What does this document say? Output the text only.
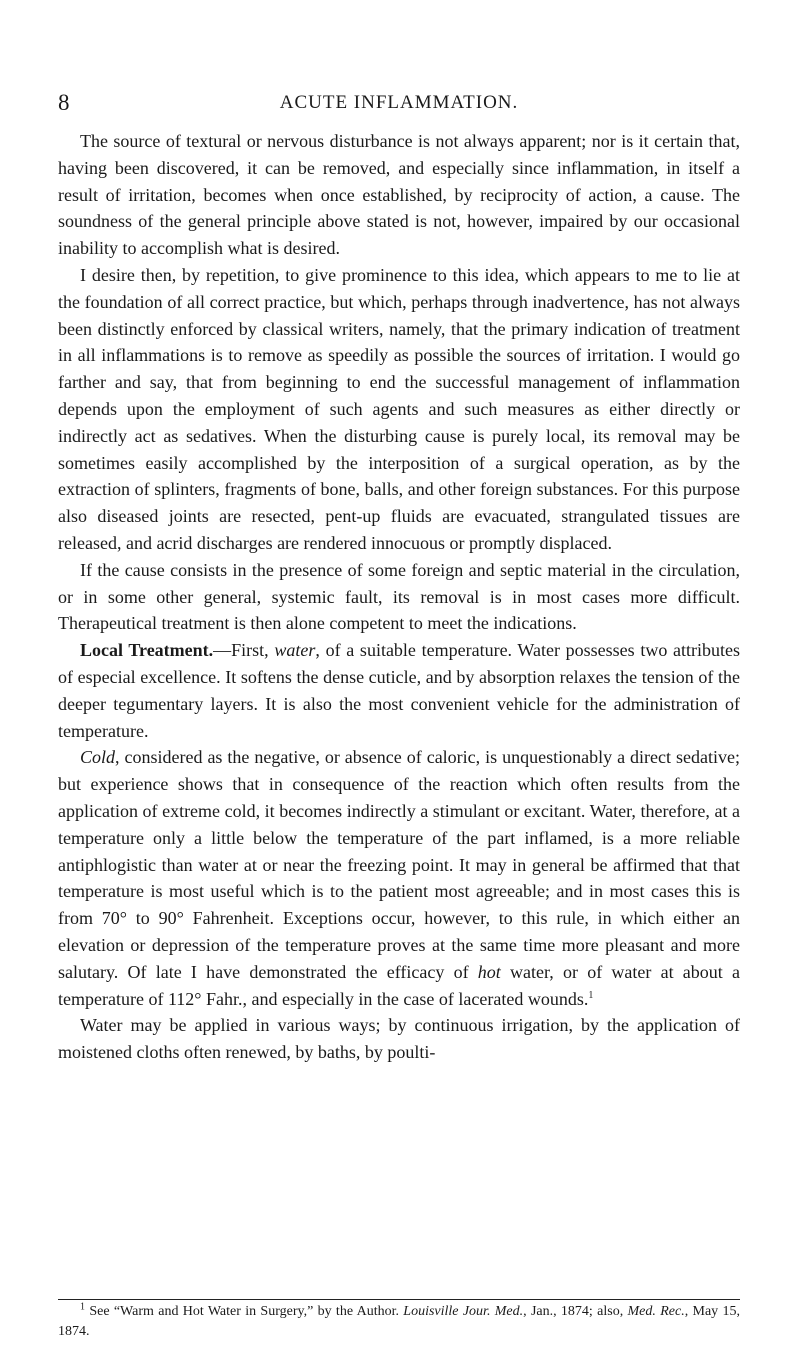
8	ACUTE INFLAMMATION.

The source of textural or nervous disturbance is not always apparent; nor is it certain that, having been discovered, it can be removed, and especially since inflammation, in itself a result of irritation, becomes when once established, by reciprocity of action, a cause. The soundness of the general principle above stated is not, however, impaired by our occasional inability to accomplish what is desired.

I desire then, by repetition, to give prominence to this idea, which appears to me to lie at the foundation of all correct practice, but which, perhaps through inadvertence, has not always been distinctly enforced by classical writers, namely, that the primary indication of treatment in all inflammations is to remove as speedily as possible the sources of irritation. I would go farther and say, that from beginning to end the successful management of inflammation depends upon the employment of such agents and such measures as either directly or indirectly act as sedatives. When the disturbing cause is purely local, its removal may be sometimes easily accomplished by the interposition of a surgical operation, as by the extraction of splinters, fragments of bone, balls, and other foreign substances. For this purpose also diseased joints are resected, pent-up fluids are evacuated, strangulated tissues are released, and acrid discharges are rendered innocuous or promptly displaced.

If the cause consists in the presence of some foreign and septic material in the circulation, or in some other general, systemic fault, its removal is in most cases more difficult. Therapeutical treatment is then alone competent to meet the indications.

Local Treatment.—First, water, of a suitable temperature. Water possesses two attributes of especial excellence. It softens the dense cuticle, and by absorption relaxes the tension of the deeper tegumentary layers. It is also the most convenient vehicle for the administration of temperature.

Cold, considered as the negative, or absence of caloric, is unquestionably a direct sedative; but experience shows that in consequence of the reaction which often results from the application of extreme cold, it becomes indirectly a stimulant or excitant. Water, therefore, at a temperature only a little below the temperature of the part inflamed, is a more reliable antiphlogistic than water at or near the freezing point. It may in general be affirmed that that temperature is most useful which is to the patient most agreeable; and in most cases this is from 70° to 90° Fahrenheit. Exceptions occur, however, to this rule, in which either an elevation or depression of the temperature proves at the same time more pleasant and more salutary. Of late I have demonstrated the efficacy of hot water, or of water at about a temperature of 112° Fahr., and especially in the case of lacerated wounds.$^1$

Water may be applied in various ways; by continuous irrigation, by the application of moistened cloths often renewed, by baths, by poulti-

$^1$ See “Warm and Hot Water in Surgery,” by the Author. Louisville Jour. Med., Jan., 1874; also, Med. Rec., May 15, 1874.
